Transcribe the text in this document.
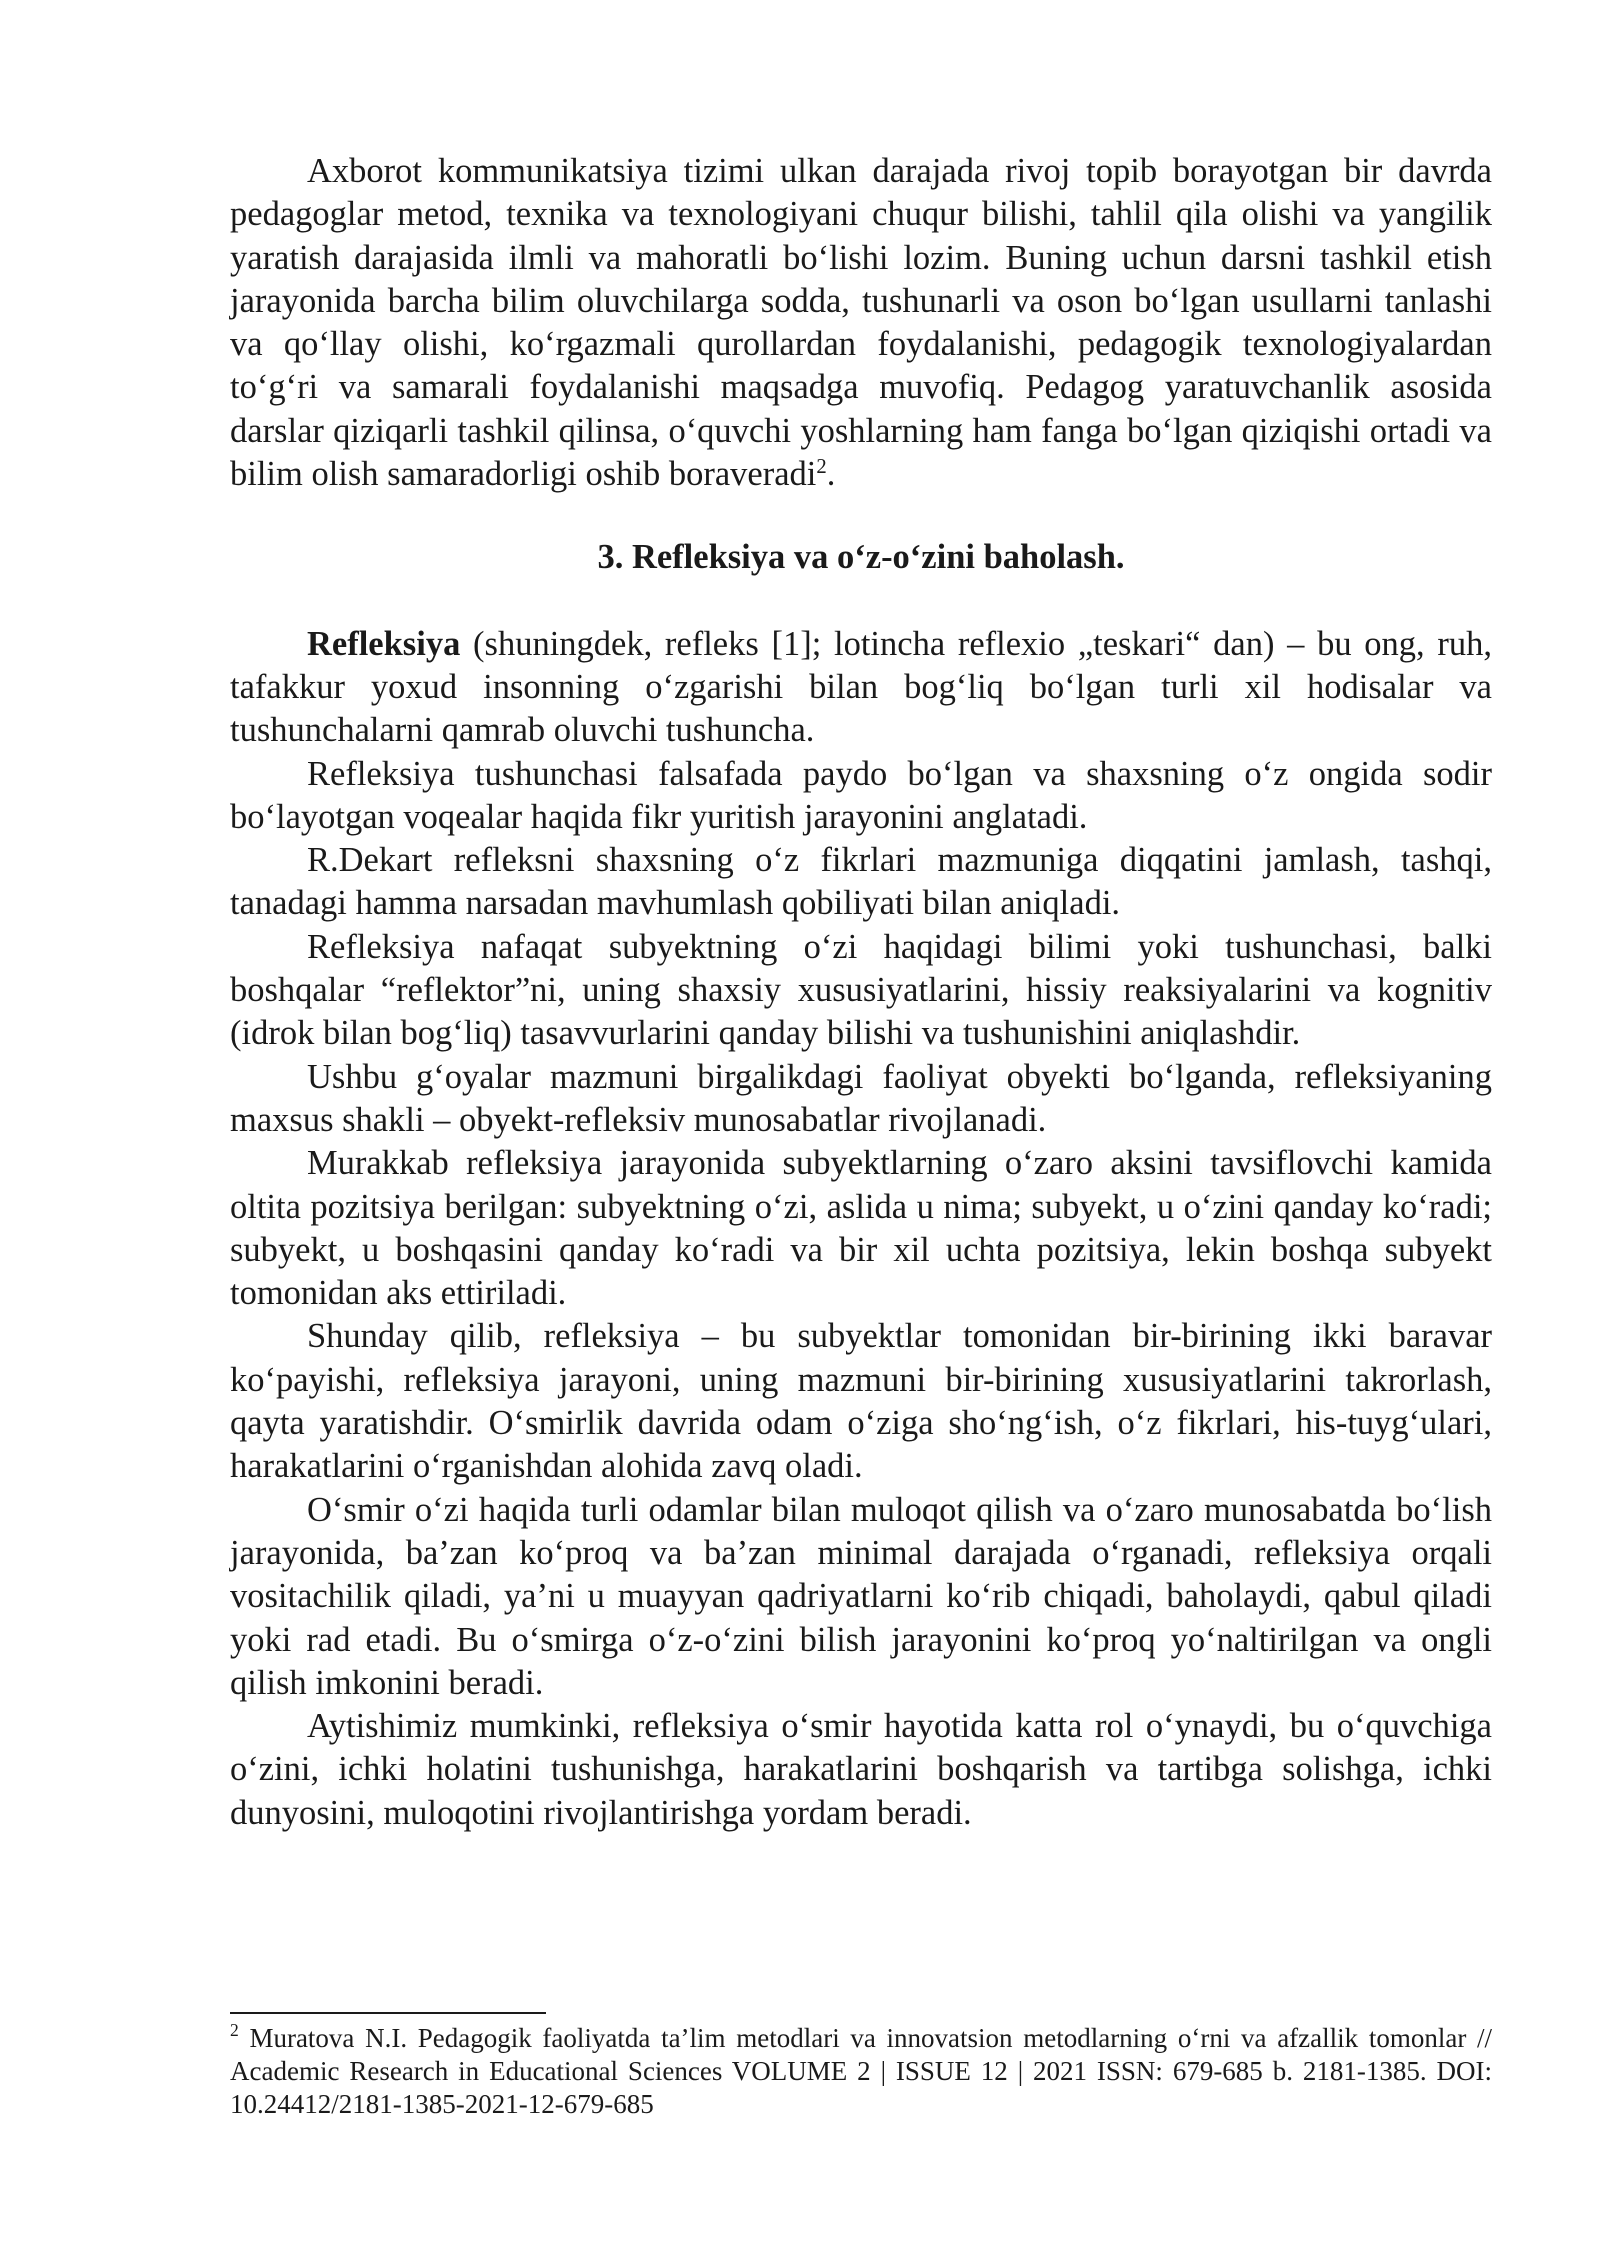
Axborot kommunikatsiya tizimi ulkan darajada rivoj topib borayotgan bir davrda pedagoglar metod, texnika va texnologiyani chuqur bilishi, tahlil qila olishi va yangilik yaratish darajasida ilmli va mahoratli bo‘lishi lozim. Buning uchun darsni tashkil etish jarayonida barcha bilim oluvchilarga sodda, tushunarli va oson bo‘lgan usullarni tanlashi va qo‘llay olishi, ko‘rgazmali qurollardan foydalanishi, pedagogik texnologiyalardan to‘g‘ri va samarali foydalanishi maqsadga muvofiq. Pedagog yaratuvchanlik asosida darslar qiziqarli tashkil qilinsa, o‘quvchi yoshlarning ham fanga bo‘lgan qiziqishi ortadi va bilim olish samaradorligi oshib boraveradi$^2$.

3. Refleksiya va o‘z-o‘zini baholash.

Refleksiya (shuningdek, refleks [1]; lotincha reflexio „teskari“ dan) – bu ong, ruh, tafakkur yoxud insonning o‘zgarishi bilan bog‘liq bo‘lgan turli xil hodisalar va tushunchalarni qamrab oluvchi tushuncha.

Refleksiya tushunchasi falsafada paydo bo‘lgan va shaxsning o‘z ongida sodir bo‘layotgan voqealar haqida fikr yuritish jarayonini anglatadi.

R.Dekart refleksni shaxsning o‘z fikrlari mazmuniga diqqatini jamlash, tashqi, tanadagi hamma narsadan mavhumlash qobiliyati bilan aniqladi.

Refleksiya nafaqat subyektning o‘zi haqidagi bilimi yoki tushunchasi, balki boshqalar “reflektor”ni, uning shaxsiy xususiyatlarini, hissiy reaksiyalarini va kognitiv (idrok bilan bog‘liq) tasavvurlarini qanday bilishi va tushunishini aniqlashdir.

Ushbu g‘oyalar mazmuni birgalikdagi faoliyat obyekti bo‘lganda, refleksiyaning maxsus shakli – obyekt-refleksiv munosabatlar rivojlanadi.

Murakkab refleksiya jarayonida subyektlarning o‘zaro aksini tavsiflovchi kamida oltita pozitsiya berilgan: subyektning o‘zi, aslida u nima; subyekt, u o‘zini qanday ko‘radi; subyekt, u boshqasini qanday ko‘radi va bir xil uchta pozitsiya, lekin boshqa subyekt tomonidan aks ettiriladi.

Shunday qilib, refleksiya – bu subyektlar tomonidan bir-birining ikki baravar ko‘payishi, refleksiya jarayoni, uning mazmuni bir-birining xususiyatlarini takrorlash, qayta yaratishdir. O‘smirlik davrida odam o‘ziga sho‘ng‘ish, o‘z fikrlari, his-tuyg‘ulari, harakatlarini o‘rganishdan alohida zavq oladi.

O‘smir o‘zi haqida turli odamlar bilan muloqot qilish va o‘zaro munosabatda bo‘lish jarayonida, ba’zan ko‘proq va ba’zan minimal darajada o‘rganadi, refleksiya orqali vositachilik qiladi, ya’ni u muayyan qadriyatlarni ko‘rib chiqadi, baholaydi, qabul qiladi yoki rad etadi. Bu o‘smirga o‘z-o‘zini bilish jarayonini ko‘proq yo‘naltirilgan va ongli qilish imkonini beradi.

Aytishimiz mumkinki, refleksiya o‘smir hayotida katta rol o‘ynaydi, bu o‘quvchiga o‘zini, ichki holatini tushunishga, harakatlarini boshqarish va tartibga solishga, ichki dunyosini, muloqotini rivojlantirishga yordam beradi.

$^2$ Muratova N.I. Pedagogik faoliyatda ta’lim metodlari va innovatsion metodlarning o‘rni va afzallik tomonlar // Academic Research in Educational Sciences VOLUME 2 | ISSUE 12 | 2021 ISSN: 679-685 b. 2181-1385. DOI: 10.24412/2181-1385-2021-12-679-685
